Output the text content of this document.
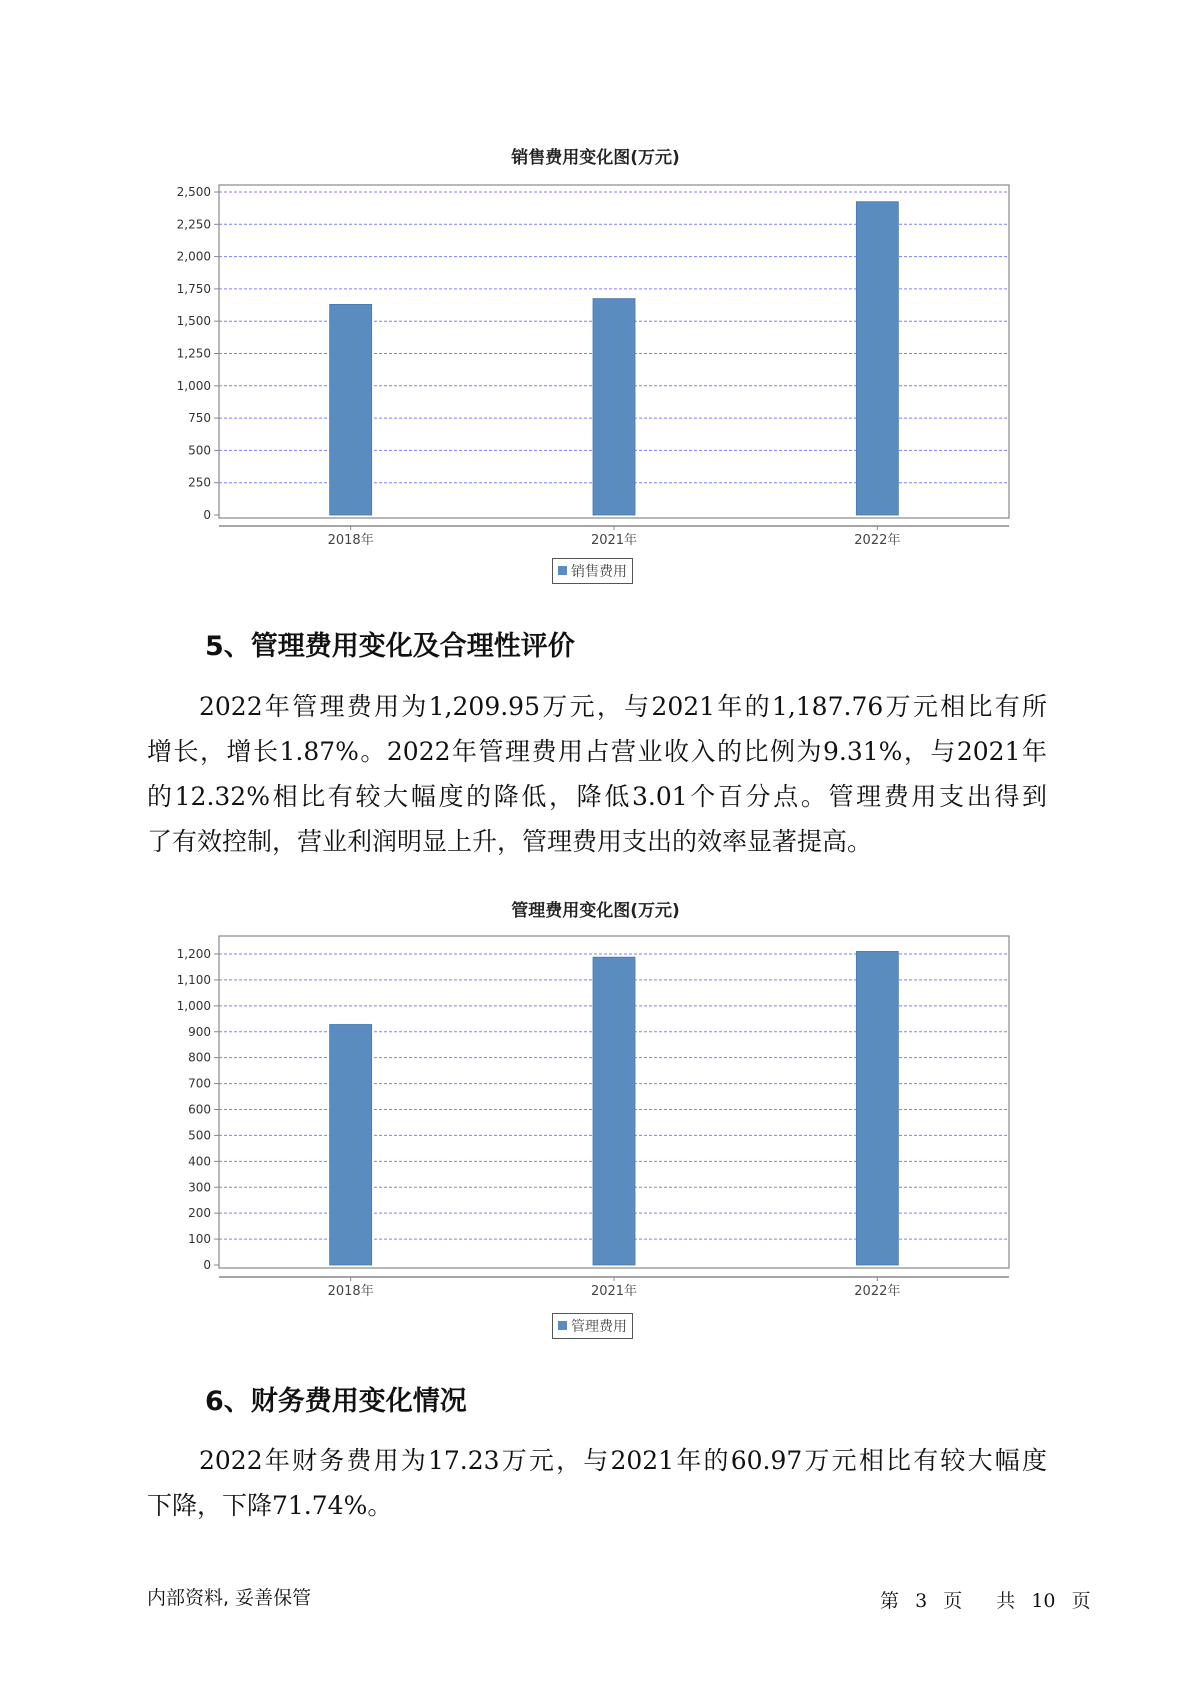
销售费用变化图(万元)
0
250
500
750
1,000
1,250
1,500
1,750
2,000
2,250
2,500
2018年	2021年	2022年
销售费用
5、管理费用变化及合理性评价
2022年管理费用为1,209.95万元，与2021年的1,187.76万元相比有所
增长，增长1.87%。2022年管理费用占营业收入的比例为9.31%，与2021年
的12.32%相比有较大幅度的降低，降低3.01个百分点。管理费用支出得到
了有效控制，营业利润明显上升，管理费用支出的效率显著提高。
管理费用变化图(万元)
0
100
200
300
400
500
600
700
800
900
1,000
1,100
1,200
2018年	2021年	2022年
管理费用
6、财务费用变化情况
2022年财务费用为17.23万元，与2021年的60.97万元相比有较大幅度
下降，下降71.74%。
内部资料, 妥善保管	第 3 页 共 10 页
